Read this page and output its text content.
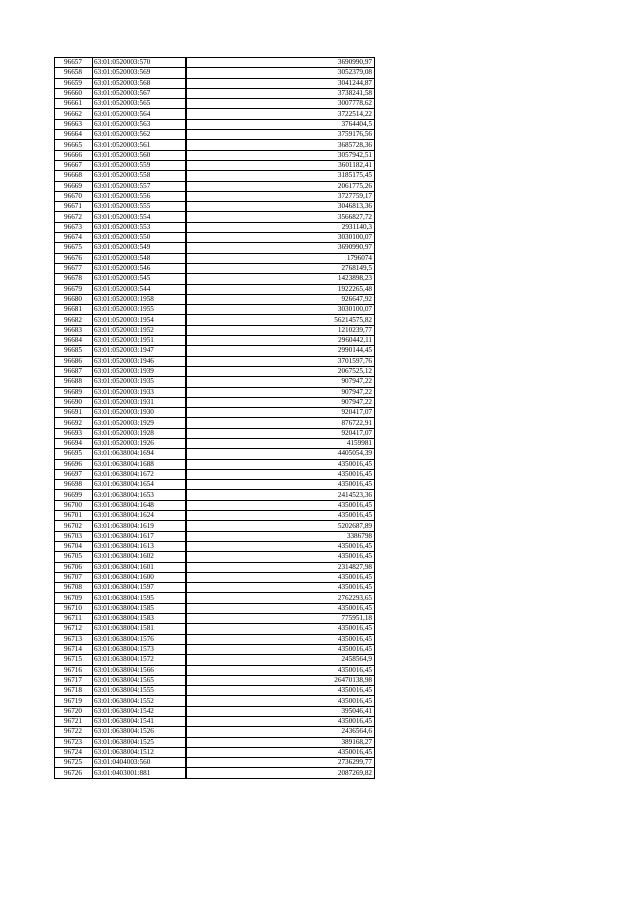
96657	63:01:0520003:570	3690990,97
96658	63:01:0520003:569	3052379,08
96659	63:01:0520003:568	3041244,87
96660	63:01:0520003:567	3738241,58
96661	63:01:0520003:565	3007778,62
96662	63:01:0520003:564	3722514,22
96663	63:01:0520003:563	3764404,5
96664	63:01:0520003:562	3759176,56
96665	63:01:0520003:561	3685728,36
96666	63:01:0520003:560	3057942,51
96667	63:01:0520003:559	3601182,41
96668	63:01:0520003:558	3185175,45
96669	63:01:0520003:557	2061775,26
96670	63:01:0520003:556	3727759,17
96671	63:01:0520003:555	3046813,36
96672	63:01:0520003:554	3566827,72
96673	63:01:0520003:553	2931140,3
96674	63:01:0520003:550	3030100,07
96675	63:01:0520003:549	3690990,97
96676	63:01:0520003:548	1796074
96677	63:01:0520003:546	2768149,5
96678	63:01:0520003:545	1423898,23
96679	63:01:0520003:544	1922265,48
96680	63:01:0520003:1958	926647,92
96681	63:01:0520003:1955	3030100,07
96682	63:01:0520003:1954	56214575,82
96683	63:01:0520003:1952	1210239,77
96684	63:01:0520003:1951	2960442,11
96685	63:01:0520003:1947	2990144,45
96686	63:01:0520003:1946	3701597,76
96687	63:01:0520003:1939	2067525,12
96688	63:01:0520003:1935	907947,22
96689	63:01:0520003:1933	907947,22
96690	63:01:0520003:1931	907947,22
96691	63:01:0520003:1930	920417,07
96692	63:01:0520003:1929	876722,91
96693	63:01:0520003:1928	920417,07
96694	63:01:0520003:1926	4159981
96695	63:01:0638004:1694	4405054,39
96696	63:01:0638004:1688	4350016,45
96697	63:01:0638004:1672	4350016,45
96698	63:01:0638004:1654	4350016,45
96699	63:01:0638004:1653	2414523,36
96700	63:01:0638004:1648	4350016,45
96701	63:01:0638004:1624	4350016,45
96702	63:01:0638004:1619	5202687,89
96703	63:01:0638004:1617	3386798
96704	63:01:0638004:1613	4350016,45
96705	63:01:0638004:1602	4350016,45
96706	63:01:0638004:1601	2314827,98
96707	63:01:0638004:1600	4350016,45
96708	63:01:0638004:1597	4350016,45
96709	63:01:0638004:1595	2762293,65
96710	63:01:0638004:1585	4350016,45
96711	63:01:0638004:1583	775951,18
96712	63:01:0638004:1581	4350016,45
96713	63:01:0638004:1576	4350016,45
96714	63:01:0638004:1573	4350016,45
96715	63:01:0638004:1572	2458564,9
96716	63:01:0638004:1566	4350016,45
96717	63:01:0638004:1565	26470138,98
96718	63:01:0638004:1555	4350016,45
96719	63:01:0638004:1552	4350016,45
96720	63:01:0638004:1542	395046,41
96721	63:01:0638004:1541	4350016,45
96722	63:01:0638004:1526	2436564,6
96723	63:01:0638004:1525	389168,27
96724	63:01:0638004:1512	4350016,45
96725	63:01:0404003:560	2736299,77
96726	63:01:0403001:881	2087269,82
